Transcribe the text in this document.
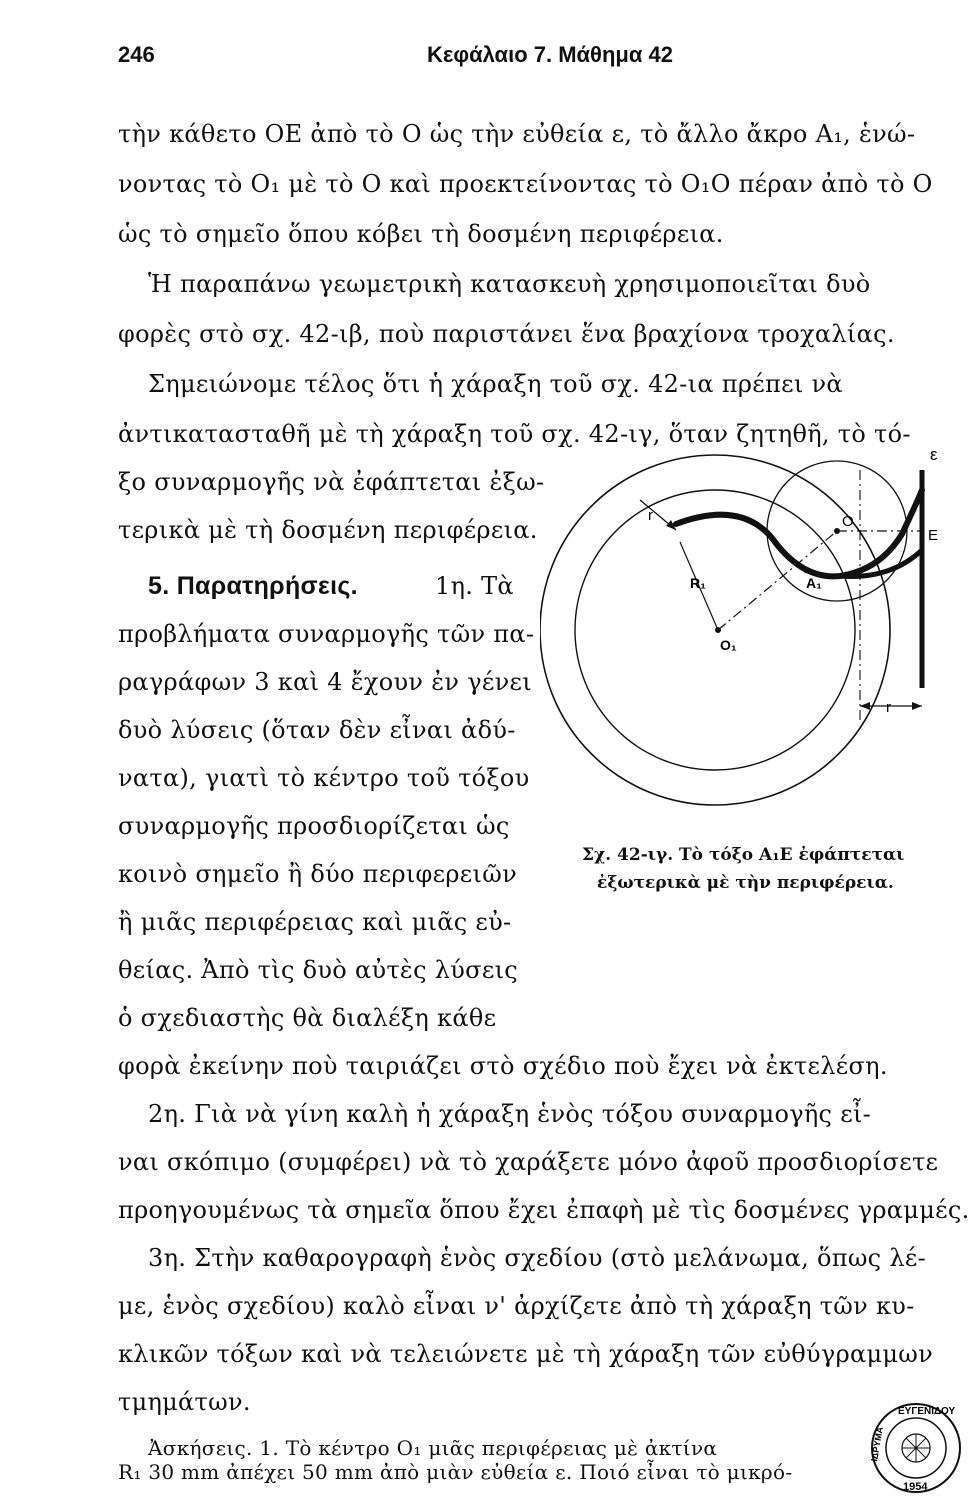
246	Κεφάλαιο 7. Μάθημα 42
τὴν κάθετο ΟΕ ἀπὸ τὸ Ο ὡς τὴν εὐθεία ε, τὸ ἄλλο ἄκρο Α₁, ἑνώ-
νοντας τὸ Ο₁ μὲ τὸ Ο καὶ προεκτείνοντας τὸ Ο₁Ο πέραν ἀπὸ τὸ Ο
ὡς τὸ σημεῖο ὅπου κόβει τὴ δοσμένη περιφέρεια.
Ἡ παραπάνω γεωμετρικὴ κατασκευὴ χρησιμοποιεῖται δυὸ
φορὲς στὸ σχ. 42-ιβ, ποὺ παριστάνει ἕνα βραχίονα τροχαλίας.
Σημειώνομε τέλος ὅτι ἡ χάραξη τοῦ σχ. 42-ια πρέπει νὰ
ἀντικατασταθῆ μὲ τὴ χάραξη τοῦ σχ. 42-ιγ, ὅταν ζητηθῆ, τὸ τό-
ξο συναρμογῆς νὰ ἐφάπτεται ἐξω-
τερικὰ μὲ τὴ δοσμένη περιφέρεια.
5. Παρατηρήσεις.	1η. Τὰ
προβλήματα συναρμογῆς τῶν πα-
ραγράφων 3 καὶ 4 ἔχουν ἐν γένει
δυὸ λύσεις (ὅταν δὲν εἶναι ἀδύ-
νατα), γιατὶ τὸ κέντρο τοῦ τόξου
συναρμογῆς προσδιορίζεται ὡς
κοινὸ σημεῖο ἢ δύο περιφερειῶν
ἢ μιᾶς περιφέρειας καὶ μιᾶς εὐ-
θείας. Ἀπὸ τὶς δυὸ αὐτὲς λύσεις
ὁ σχεδιαστὴς θὰ διαλέξη κάθε
ε
r	O
E
R₁	A₁
O₁
r
Σχ. 42-ιγ. Τὸ τόξο Α₁Ε ἐφάπτεται
ἐξωτερικὰ μὲ τὴν περιφέρεια.
φορὰ ἐκείνην ποὺ ταιριάζει στὸ σχέδιο ποὺ ἔχει νὰ ἐκτελέση.
2η. Γιὰ νὰ γίνη καλὴ ἡ χάραξη ἑνὸς τόξου συναρμογῆς εἶ-
ναι σκόπιμο (συμφέρει) νὰ τὸ χαράξετε μόνο ἀφοῦ προσδιορίσετε
προηγουμένως τὰ σημεῖα ὅπου ἔχει ἐπαφὴ μὲ τὶς δοσμένες γραμμές.
3η. Στὴν καθαρογραφὴ ἑνὸς σχεδίου (στὸ μελάνωμα, ὅπως λέ-
με, ἑνὸς σχεδίου) καλὸ εἶναι ν' ἀρχίζετε ἀπὸ τὴ χάραξη τῶν κυ-
κλικῶν τόξων καὶ νὰ τελειώνετε μὲ τὴ χάραξη τῶν εὐθύγραμμων
τμημάτων.
Ἀσκήσεις. 1. Τὸ κέντρο Ο₁ μιᾶς περιφέρειας μὲ ἀκτίνα
R₁ 30 mm ἀπέχει 50 mm ἀπὸ μιὰν εὐθεία ε. Ποιό εἶναι τὸ μικρό-
ΕΥΓΕΝΙΔΟΥ
ΙΔΡΥΜΑ
1954
